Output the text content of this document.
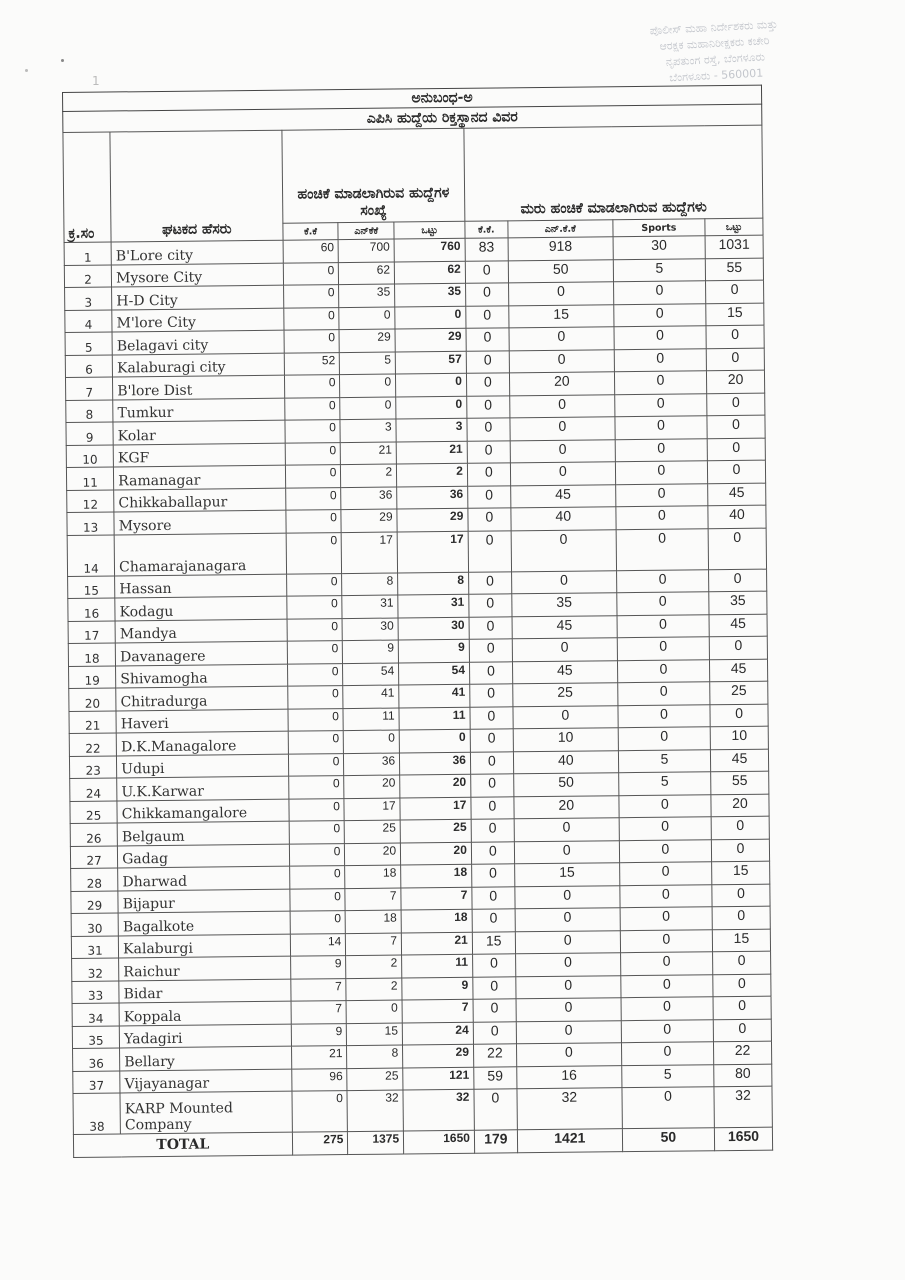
ಪೊಲೀಸ್ ಮಹಾ ನಿರ್ದೇಶಕರು ಮತ್ತು
ಆರಕ್ಷಕ ಮಹಾನಿರೀಕ್ಷಕರು ಕಚೇರಿ
ನೃಪತುಂಗ ರಸ್ತೆ, ಬೆಂಗಳೂರು
ಬೆಂಗಳೂರು - 560001
1
ಅನುಬಂಧ-ಅ
ಎಪಿಸಿ ಹುದ್ದೆಯ ರಿಕ್ತಸ್ಥಾನದ ವಿವರ
ಕ್ರ.ಸಂ	ಘಟಕದ ಹೆಸರು	ಹಂಚಿಕೆ ಮಾಡಲಾಗಿರುವ ಹುದ್ದೆಗಳ ಸಂಖ್ಯೆ			ಮರು ಹಂಚಿಕೆ ಮಾಡಲಾಗಿರುವ ಹುದ್ದೆಗಳು			
		ಕೆ.ಕೆ	ಎನ್‌ಕೆಕೆ	ಒಟ್ಟು	ಕೆ.ಕೆ.	ಎನ್.ಕೆ.ಕೆ	Sports	ಒಟ್ಟು
1	B'Lore city	60	700	760	83	918	30	1031
2	Mysore City	0	62	62	0	50	5	55
3	H-D City	0	35	35	0	0	0	0
4	M'lore City	0	0	0	0	15	0	15
5	Belagavi city	0	29	29	0	0	0	0
6	Kalaburagi city	52	5	57	0	0	0	0
7	B'lore Dist	0	0	0	0	20	0	20
8	Tumkur	0	0	0	0	0	0	0
9	Kolar	0	3	3	0	0	0	0
10	KGF	0	21	21	0	0	0	0
11	Ramanagar	0	2	2	0	0	0	0
12	Chikkaballapur	0	36	36	0	45	0	45
13	Mysore	0	29	29	0	40	0	40
14	Chamarajanagara	0	17	17	0	0	0	0
15	Hassan	0	8	8	0	0	0	0
16	Kodagu	0	31	31	0	35	0	35
17	Mandya	0	30	30	0	45	0	45
18	Davanagere	0	9	9	0	0	0	0
19	Shivamogha	0	54	54	0	45	0	45
20	Chitradurga	0	41	41	0	25	0	25
21	Haveri	0	11	11	0	0	0	0
22	D.K.Managalore	0	0	0	0	10	0	10
23	Udupi	0	36	36	0	40	5	45
24	U.K.Karwar	0	20	20	0	50	5	55
25	Chikkamangalore	0	17	17	0	20	0	20
26	Belgaum	0	25	25	0	0	0	0
27	Gadag	0	20	20	0	0	0	0
28	Dharwad	0	18	18	0	15	0	15
29	Bijapur	0	7	7	0	0	0	0
30	Bagalkote	0	18	18	0	0	0	0
31	Kalaburgi	14	7	21	15	0	0	15
32	Raichur	9	2	11	0	0	0	0
33	Bidar	7	2	9	0	0	0	0
34	Koppala	7	0	7	0	0	0	0
35	Yadagiri	9	15	24	0	0	0	0
36	Bellary	21	8	29	22	0	0	22
37	Vijayanagar	96	25	121	59	16	5	80
38	KARP Mounted Company	0	32	32	0	32	0	32
TOTAL		275	1375	1650	179	1421	50	1650
